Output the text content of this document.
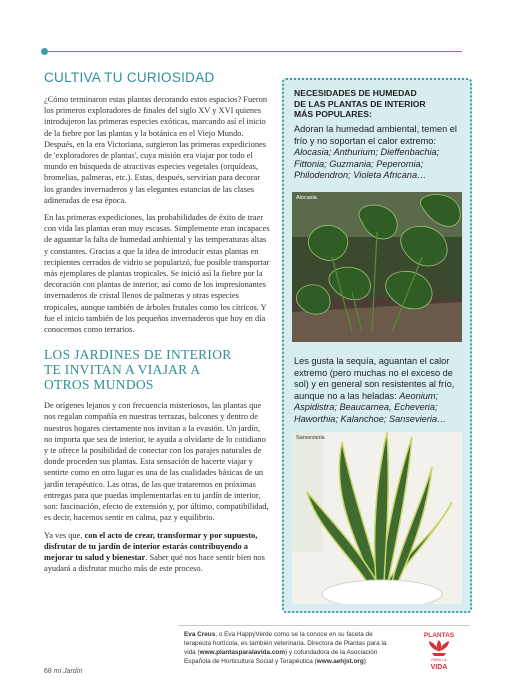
CULTIVA TU CURIOSIDAD

¿Cómo terminaron estas plantas decorando estos espacios? Fueron los primeros exploradores de finales del siglo XV y XVI quienes introdujeron las primeras especies exóticas, marcando así el inicio de la fiebre por las plantas y la botánica en el Viejo Mundo. Después, en la era Victoriana, surgieron las primeras expediciones de 'exploradores de plantas', cuya misión era viajar por todo el mundo en búsqueda de atractivas especies vegetales (orquídeas, bromelias, palmeras, etc.). Estas, después, servirían para decorar los grandes invernaderos y las elegantes estancias de las clases adineradas de esa época.

En las primeras expediciones, las probabilidades de éxito de traer con vida las plantas eran muy escasas. Simplemente eran incapaces de aguantar la falta de humedad ambiental y las temperaturas altas y constantes. Gracias a que la idea de introducir estas plantas en recipientes cerrados de vidrio se popularizó, fue posible transportar más ejemplares de plantas tropicales. Se inició así la fiebre por la decoración con plantas de interior, así como de los impresionantes invernaderos de cristal llenos de palmeras y otras especies tropicales, aunque también de árboles frutales como los cítricos. Y fue el inicio también de los pequeños invernaderos que hoy en día conocemos como terrarios.

LOS JARDINES DE INTERIOR
TE INVITAN A VIAJAR A
OTROS MUNDOS

De orígenes lejanos y con frecuencia misteriosos, las plantas que nos regalan compañía en nuestras terrazas, balcones y dentro de nuestros hogares ciertamente nos invitan a la evasión. Un jardín, no importa que sea de interior, te ayuda a olvidarte de lo cotidiano y te ofrece la posibilidad de conectar con los parajes naturales de donde proceden sus plantas. Esta sensación de hacerte viajar y sentirte como en otro lugar es una de las cualidades básicas de un jardín terapéutico. Las otras, de las que trataremos en próximas entregas para que puedas implementarlas en tu jardín de interior, son: fascinación, efecto de extensión y, por último, compatibilidad, es decir, hacemos sentir en calma, paz y equilibrio.

Ya ves que, con el acto de crear, transformar y por supuesto, disfrutar de tu jardín de interior estarás contribuyendo a mejorar tu salud y bienestar. Saber qué nos hace sentir bien nos ayudará a disfrutar mucho más de este proceso.

NECESIDADES DE HUMEDAD
DE LAS PLANTAS DE INTERIOR
MÁS POPULARES:
Adoran la humedad ambiental, temen el frío y no soportan el calor extremo: Alocasia; Anthurium; Dieffenbachia; Fittonia; Guzmania; Peperomia; Philodendron; Violeta Africana…
Les gusta la sequía, aguantan el calor extremo (pero muchas no el exceso de sol) y en general son resistentes al frío, aunque no a las heladas: Aeonium; Aspidistra; Beaucarnea, Echeveria; Haworthia; Kalanchoe; Sansevieria…
Alocasia
Sansevieria
Eva Creus, o Eva HappyVerde como se la conoce en su faceta de terapeuta hortícola, es también veterinaria. Directora de Plantas para la vida (www.plantasparalavida.com) y cofundadora de la Asociación Española de Horticultura Social y Terapéutica (www.aehjst.org).
PLANTAS
PARA LA
VIDA
68 mi Jardín
